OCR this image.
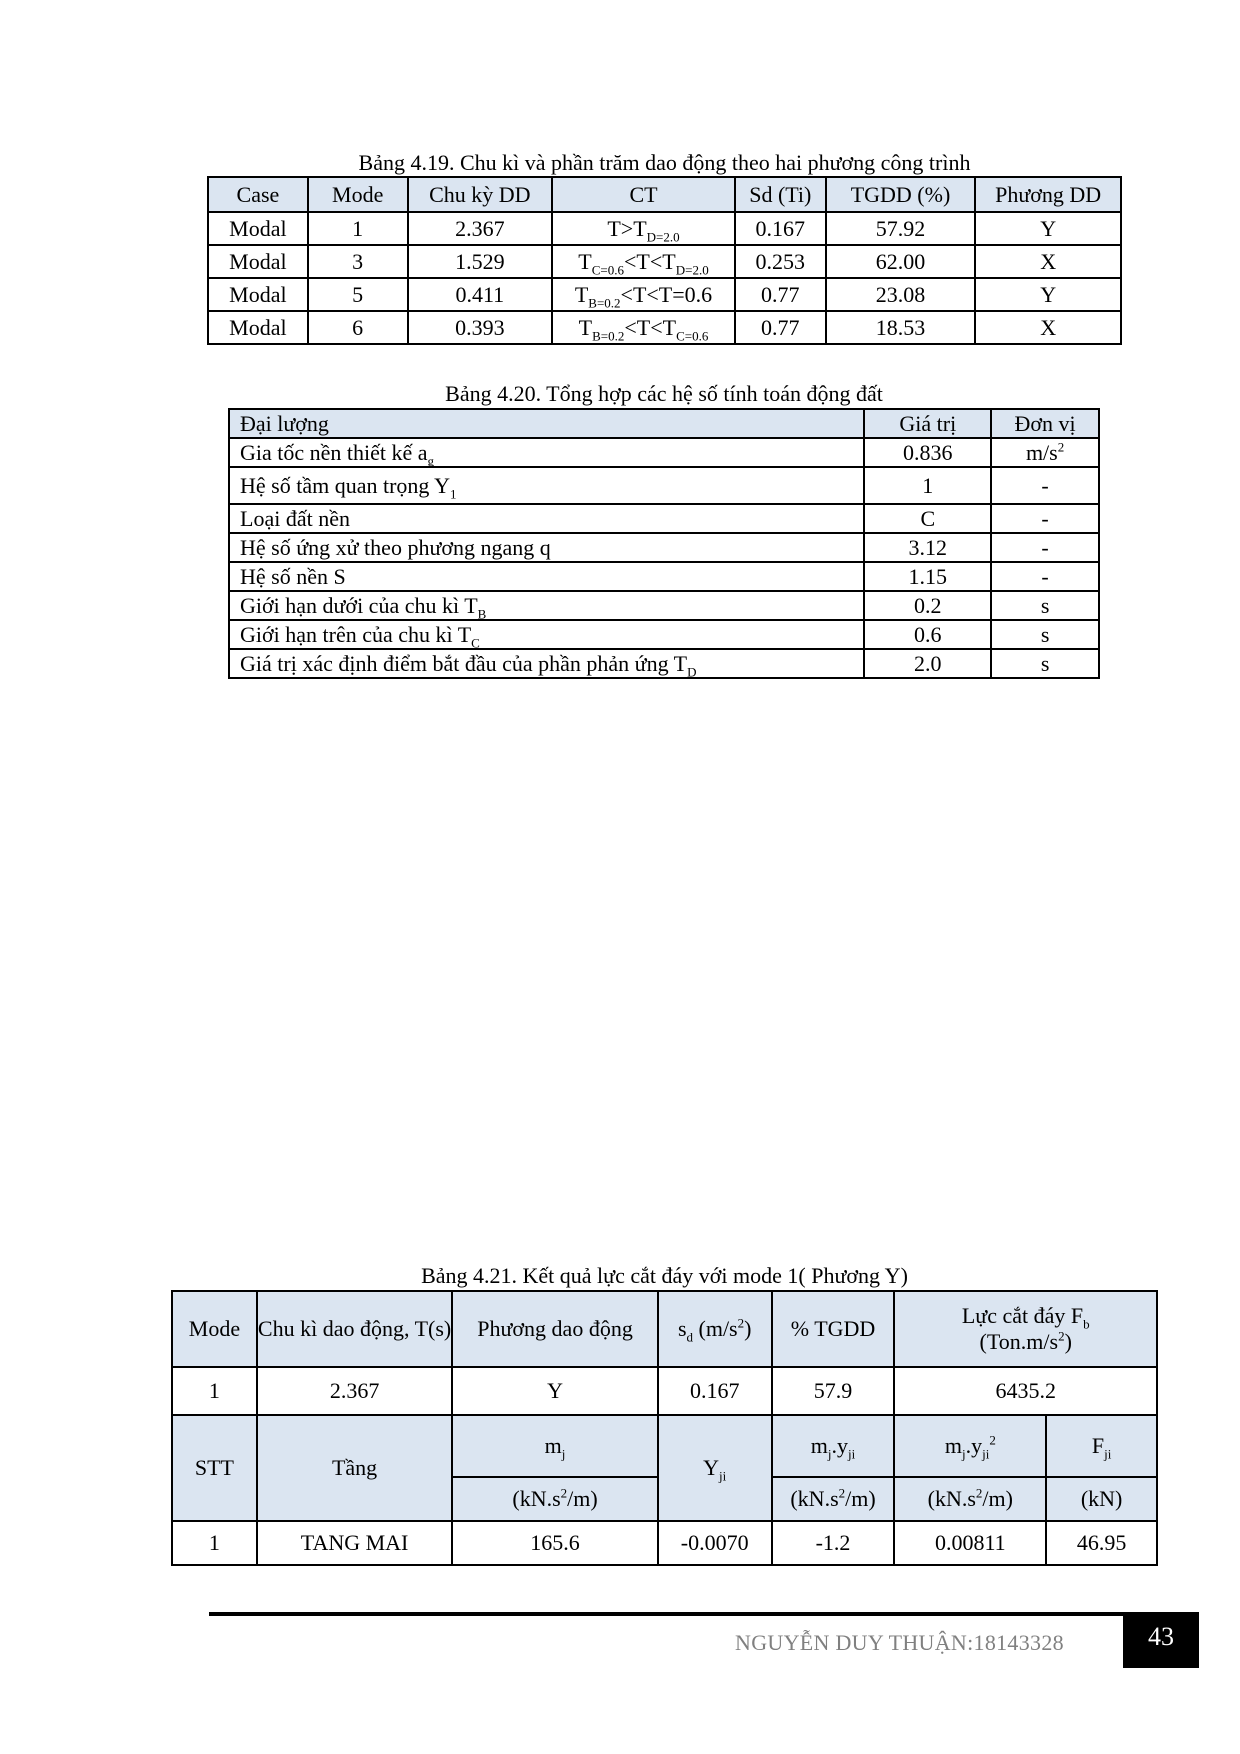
Bảng 4.19. Chu kì và phần trăm dao động theo hai phương công trình
Case	Mode	Chu kỳ DD	CT	Sd (Ti)	TGDD (%)	Phương DD
Modal	1	2.367	$T>T_{D=2.0}$	0.167	57.92	Y
Modal	3	1.529	$T_{C=0.6}<T<T_{D=2.0}$	0.253	62.00	X
Modal	5	0.411	$T_{B=0.2}<T<T=0.6$	0.77	23.08	Y
Modal	6	0.393	$T_{B=0.2}<T<T_{C=0.6}$	0.77	18.53	X
Bảng 4.20. Tổng hợp các hệ số tính toán động đất
Đại lượng	Giá trị	Đơn vị
Gia tốc nền thiết kế $a_g$	0.836	$m/s^2$
Hệ số tầm quan trọng $Y_1$	1	-
Loại đất nền	C	-
Hệ số ứng xử theo phương ngang q	3.12	-
Hệ số nền S	1.15	-
Giới hạn dưới của chu kì $T_B$	0.2	s
Giới hạn trên của chu kì $T_C$	0.6	s
Giá trị xác định điểm bắt đầu của phần phản ứng $T_D$	2.0	s
Bảng 4.21. Kết quả lực cắt đáy với mode 1( Phương Y)
Mode	Chu kì dao động, T(s)	Phương dao động	$s_d$ $(m/s^2)$	% TGDD	Lực cắt đáy $F_b$
$(Ton.m/s^2)$	
1	2.367	Y	0.167	57.9	6435.2	
STT	Tầng	$m_j$	$Y_{ji}$	$m_j.y_{ji}$	$m_j.y_{ji}^2$	$F_{ji}$
		$(kN.s^2/m)$		$(kN.s^2/m)$	$(kN.s^2/m)$	(kN)
1	TANG MAI	165.6	-0.0070	-1.2	0.00811	46.95
NGUYỄN DUY THUẬN:18143328	43
